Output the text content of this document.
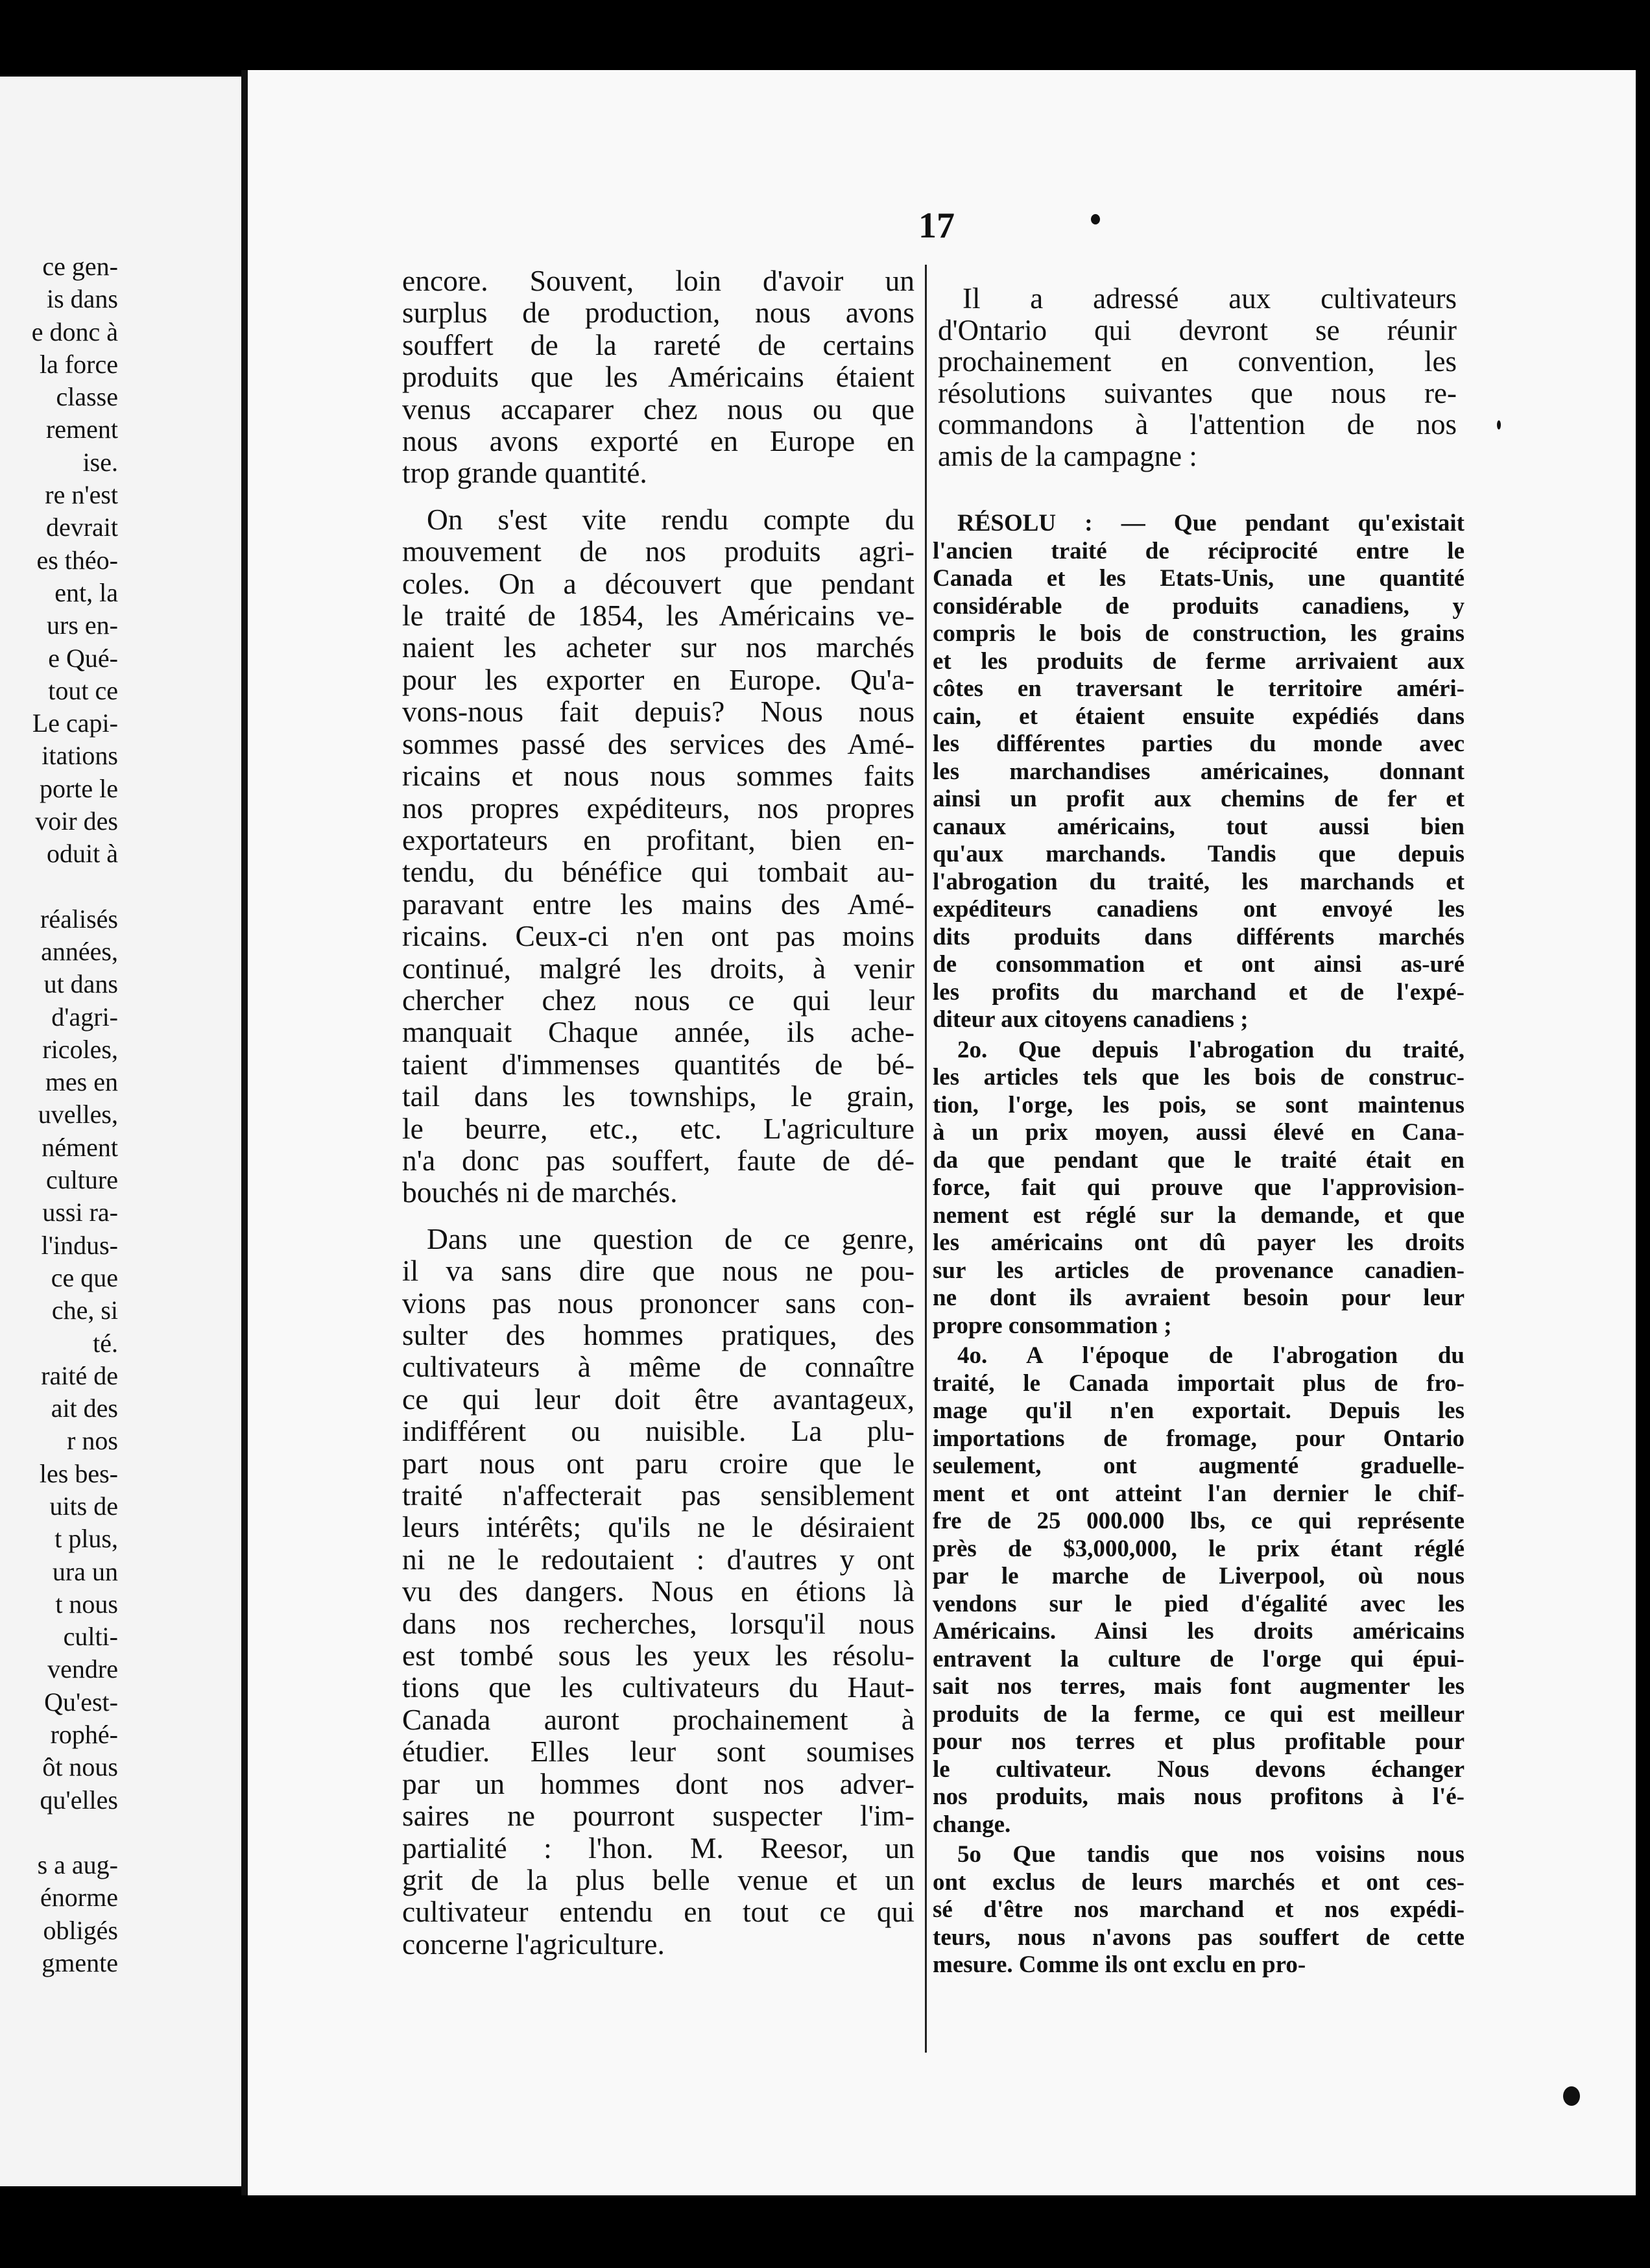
ce gen-
is dans
e donc à
la force
classe
rement
ise.
re n'est
devrait
es théo-
ent, la
urs en-
e Qué-
tout ce
Le capi-
itations
porte le
voir des
oduit à
réalisés
années,
ut dans
d'agri-
ricoles,
mes en
uvelles,
nément
culture
ussi ra-
l'indus-
ce que
che, si
té.
raité de
ait des
r nos
les bes-
uits de
t plus,
ura un
t nous
culti-
vendre
Qu'est-
rophé-
ôt nous
qu'elles
s a aug-
énorme
obligés
gmente
17
encore. Souvent, loin d'avoir un
surplus de production, nous avons
souffert de la rareté de certains
produits que les Américains étaient
venus accaparer chez nous ou que
nous avons exporté en Europe en
trop grande quantité.
On s'est vite rendu compte du
mouvement de nos produits agri-
coles. On a découvert que pendant
le traité de 1854, les Américains ve-
naient les acheter sur nos marchés
pour les exporter en Europe. Qu'a-
vons-nous fait depuis? Nous nous
sommes passé des services des Amé-
ricains et nous nous sommes faits
nos propres expéditeurs, nos propres
exportateurs en profitant, bien en-
tendu, du bénéfice qui tombait au-
paravant entre les mains des Amé-
ricains. Ceux-ci n'en ont pas moins
continué, malgré les droits, à venir
chercher chez nous ce qui leur
manquait Chaque année, ils ache-
taient d'immenses quantités de bé-
tail dans les townships, le grain,
le beurre, etc., etc. L'agriculture
n'a donc pas souffert, faute de dé-
bouchés ni de marchés.
Dans une question de ce genre,
il va sans dire que nous ne pou-
vions pas nous prononcer sans con-
sulter des hommes pratiques, des
cultivateurs à même de connaître
ce qui leur doit être avantageux,
indifférent ou nuisible. La plu-
part nous ont paru croire que le
traité n'affecterait pas sensiblement
leurs intérêts; qu'ils ne le désiraient
ni ne le redoutaient : d'autres y ont
vu des dangers. Nous en étions là
dans nos recherches, lorsqu'il nous
est tombé sous les yeux les résolu-
tions que les cultivateurs du Haut-
Canada auront prochainement à
étudier. Elles leur sont soumises
par un hommes dont nos adver-
saires ne pourront suspecter l'im-
partialité : l'hon. M. Reesor, un
grit de la plus belle venue et un
cultivateur entendu en tout ce qui
concerne l'agriculture.
Il a adressé aux cultivateurs
d'Ontario qui devront se réunir
prochainement en convention, les
résolutions suivantes que nous re-
commandons à l'attention de nos
amis de la campagne :
RÉSOLU : — Que pendant qu'existait
l'ancien traité de réciprocité entre le
Canada et les Etats-Unis, une quantité
considérable de produits canadiens, y
compris le bois de construction, les grains
et les produits de ferme arrivaient aux
côtes en traversant le territoire améri-
cain, et étaient ensuite expédiés dans
les différentes parties du monde avec
les marchandises américaines, donnant
ainsi un profit aux chemins de fer et
canaux américains, tout aussi bien
qu'aux marchands. Tandis que depuis
l'abrogation du traité, les marchands et
expéditeurs canadiens ont envoyé les
dits produits dans différents marchés
de consommation et ont ainsi as-uré
les profits du marchand et de l'expé-
diteur aux citoyens canadiens ;
2o. Que depuis l'abrogation du traité,
les articles tels que les bois de construc-
tion, l'orge, les pois, se sont maintenus
à un prix moyen, aussi élevé en Cana-
da que pendant que le traité était en
force, fait qui prouve que l'approvision-
nement est réglé sur la demande, et que
les américains ont dû payer les droits
sur les articles de provenance canadien-
ne dont ils avraient besoin pour leur
propre consommation ;
4o. A l'époque de l'abrogation du
traité, le Canada importait plus de fro-
mage qu'il n'en exportait. Depuis les
importations de fromage, pour Ontario
seulement, ont augmenté graduelle-
ment et ont atteint l'an dernier le chif-
fre de 25 000.000 lbs, ce qui représente
près de $3,000,000, le prix étant réglé
par le marche de Liverpool, où nous
vendons sur le pied d'égalité avec les
Américains. Ainsi les droits américains
entravent la culture de l'orge qui épui-
sait nos terres, mais font augmenter les
produits de la ferme, ce qui est meilleur
pour nos terres et plus profitable pour
le cultivateur. Nous devons échanger
nos produits, mais nous profitons à l'é-
change.
5o Que tandis que nos voisins nous
ont exclus de leurs marchés et ont ces-
sé d'être nos marchand et nos expédi-
teurs, nous n'avons pas souffert de cette
mesure. Comme ils ont exclu en pro-
